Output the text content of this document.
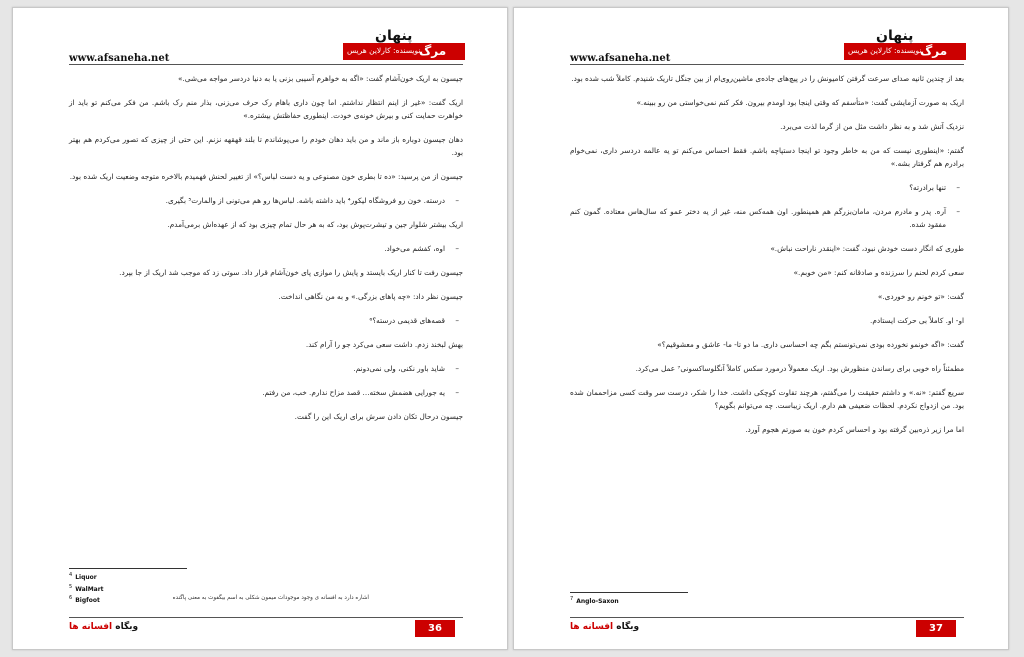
پنهان
مرگ
نویسنده: کارلاین هریس
www.afsaneha.net

جیسون به اریک خون‌آشام گفت: «اگه به خواهرم آسیبی بزنی یا به دنیا دردسر مواجه می‌شی.»

اریک گفت: «غیر از اینم انتظار نداشتم. اما چون داری باهام رک حرف می‌زنی، بذار منم رک باشم. من فکر می‌کنم تو باید از خواهرت حمایت کنی و بیرش خونه‌ی خودت. اینطوری حفاظتش بیشتره.»

دهان جیسون دوباره باز ماند و من باید دهان خودم را می‌پوشاندم تا بلند قهقهه نزنم. این حتی از چیزی که تصور می‌کردم هم بهتر بود.

جیسون از من پرسید: «ده تا بطری خون مصنوعی و یه دست لباس؟» از تغییر لحنش فهمیدم بالاخره متوجه وضعیت اریک شده بود.

– درسته. خون رو فروشگاه لیکور⁴ باید داشته باشه. لباس‌ها رو هم می‌تونی از والمارت⁵ بگیری.

اریک بیشتر شلوار جین و تیشرت‌پوش بود، که به هر حال تمام چیزی بود که از عهده‌اش برمی‌آمدم.

– اوه، کفشم می‌خواد.

جیسون رفت تا کنار اریک بایستد و پایش را موازی پای خون‌آشام قرار داد. سوتی زد که موجب شد اریک از جا بپرد.

جیسون نظر داد: «چه پاهای بزرگی.» و به من نگاهی انداخت.

– قصه‌های قدیمی درسته؟⁶

بهش لبخند زدم. داشت سعی می‌کرد جو را آرام کند.

– شاید باور نکنی، ولی نمی‌دونم.

– یه جورایی هضمش سخته... قصد مزاح ندارم. خب، من رفتم.

جیسون درحال تکان دادن سرش برای اریک این را گفت.

$^4$ Liquor
$^5$ WalMart
$^6$ Bigfoot	اشاره دارد به افسانه ی وجود موجودات میمون شکلی به اسم بیگفوت به معنی پاگنده
وبگاه افسانه ها	36
پنهان
مرگ
نویسنده: کارلاین هریس
www.afsaneha.net

بعد از چندین ثانیه صدای سرعت گرفتن کامیونش را در پیچ‌های جاده‌ی ماشین‌روی‌ام از بین جنگل تاریک شنیدم. کاملاً شب شده بود.

اریک به صورت آزمایشی گفت: «متأسفم که وقتی اینجا بود اومدم بیرون. فکر کنم نمی‌خواستی من رو ببینه.»

نزدیک آتش شد و به نظر داشت مثل من از گرما لذت می‌برد.

گفتم: «اینطوری نیست که من به خاطر وجود تو اینجا دستپاچه باشم. فقط احساس می‌کنم تو یه عالمه دردسر داری، نمی‌خوام برادرم هم گرفتار بشه.»

– تنها برادرته؟

– آره. پدر و مادرم مردن، مامان‌بزرگم هم همینطور. اون همه‌کس منه، غیر از یه دختر عمو که سال‌هاس معتاده. گمون کنم مفقود شده.

طوری که انگار دست خودش نبود، گفت: «اینقدر ناراحت نباش.»

سعی کردم لحنم را سرزنده و صادقانه کنم: «من خوبم.»

گفت: «تو خونم رو خوردی.»

او- او. کاملاً بی حرکت ایستادم.

گفت: «اگه خونمو نخورده بودی نمی‌تونستم بگم چه احساسی داری. ما دو تا- ما- عاشق و معشوقیم؟»

مطمئناً راه خوبی برای رساندن منظورش بود. اریک معمولاً درمورد سکس کاملاً آنگلوساکسونی⁷ عمل می‌کرد.

سریع گفتم: «نه.» و داشتم حقیقت را می‌گفتم، هرچند تفاوت کوچکی داشت. خدا را شکر، درست سر وقت کسی مزاحممان شده بود. من ازدواج نکردم. لحظات ضعیفی هم دارم. اریک زیباست. چه می‌توانم بگویم؟

اما مرا زیر ذره‌بین گرفته بود و احساس کردم خون به صورتم هجوم آورد.

$^7$ Anglo-Saxon
وبگاه افسانه ها	37
